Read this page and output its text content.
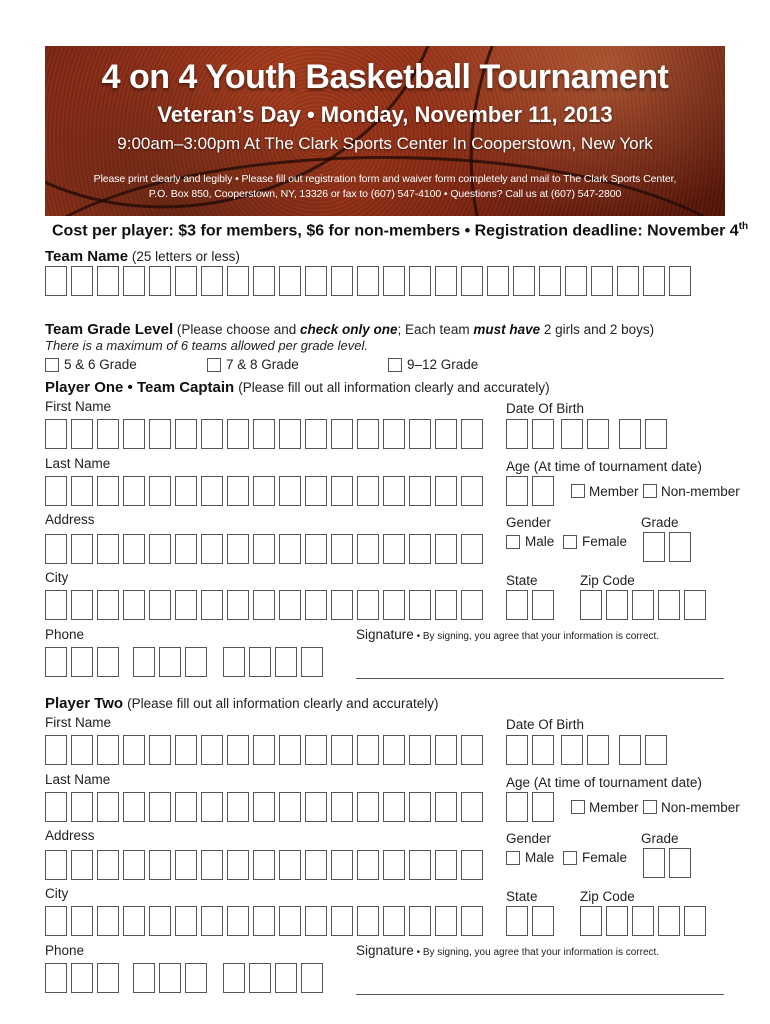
4 on 4 Youth Basketball Tournament
Veteran’s Day • Monday, November 11, 2013
9:00am–3:00pm At The Clark Sports Center In Cooperstown, New York
Please print clearly and legibly • Please fill out registration form and waiver form completely and mail to The Clark Sports Center,
P.O. Box 850, Cooperstown, NY, 13326 or fax to (607) 547-4100 • Questions? Call us at (607) 547-2800
Cost per player: $3 for members, $6 for non-members • Registration deadline: November 4th
Team Name (25 letters or less)
Team Grade Level (Please choose and check only one; Each team must have 2 girls and 2 boys)
There is a maximum of 6 teams allowed per grade level.
5 & 6 Grade	7 & 8 Grade	9–12 Grade
Player One • Team Captain (Please fill out all information clearly and accurately)
First Name	Date Of Birth
Last Name	Age (At time of tournament date)
Member Non-member
Address	Gender	Grade
Male Female
City	State	Zip Code
Phone	Signature • By signing, you agree that your information is correct.
Player Two (Please fill out all information clearly and accurately)
First Name	Date Of Birth
Last Name	Age (At time of tournament date)
Member Non-member
Address	Gender	Grade
Male Female
City	State	Zip Code
Phone	Signature • By signing, you agree that your information is correct.
